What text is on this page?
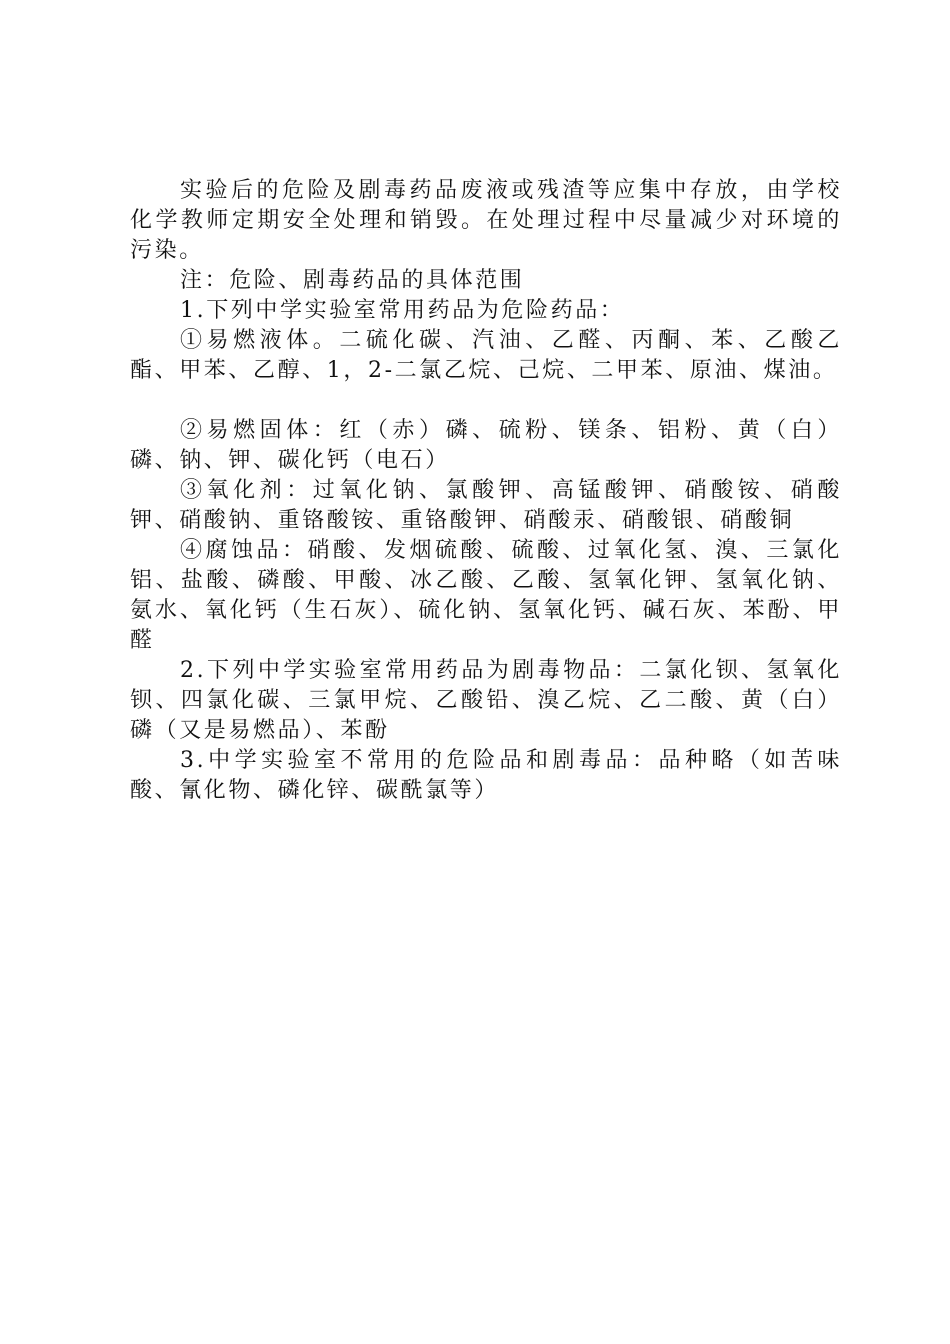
实验后的危险及剧毒药品废液或残渣等应集中存放，由学校化学教师定期安全处理和销毁。在处理过程中尽量减少对环境的污染。

注：危险、剧毒药品的具体范围

1.下列中学实验室常用药品为危险药品：

①易燃液体。二硫化碳、汽油、乙醛、丙酮、苯、乙酸乙酯、甲苯、乙醇、1，2-二氯乙烷、己烷、二甲苯、原油、煤油。

②易燃固体：红（赤）磷、硫粉、镁条、铝粉、黄（白）磷、钠、钾、碳化钙（电石）

③氧化剂：过氧化钠、氯酸钾、高锰酸钾、硝酸铵、硝酸钾、硝酸钠、重铬酸铵、重铬酸钾、硝酸汞、硝酸银、硝酸铜

④腐蚀品：硝酸、发烟硫酸、硫酸、过氧化氢、溴、三氯化铝、盐酸、磷酸、甲酸、冰乙酸、乙酸、氢氧化钾、氢氧化钠、氨水、氧化钙（生石灰）、硫化钠、氢氧化钙、碱石灰、苯酚、甲醛

2.下列中学实验室常用药品为剧毒物品：二氯化钡、氢氧化钡、四氯化碳、三氯甲烷、乙酸铅、溴乙烷、乙二酸、黄（白）磷（又是易燃品）、苯酚

3.中学实验室不常用的危险品和剧毒品：品种略（如苦味酸、氰化物、磷化锌、碳酰氯等）
